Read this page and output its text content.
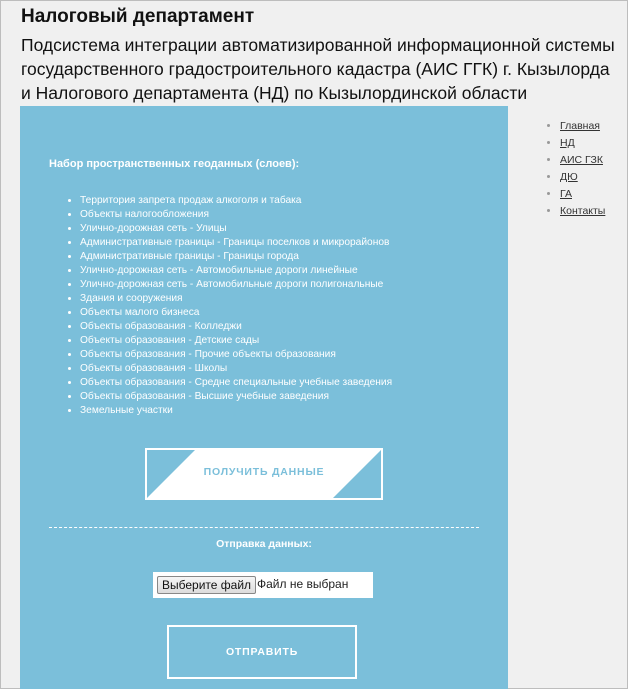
Налоговый департамент

Подсистема интеграции автоматизированной информационной системы государственного градостроительного кадастра (АИС ГГК) г. Кызылорда и Налогового департамента (НД) по Кызылординской области

Набор пространственных геоданных (слоев):
• Территория запрета продаж алкоголя и табака
• Объекты налогообложения
• Улично-дорожная сеть - Улицы
• Административные границы - Границы поселков и микрорайонов
• Административные границы - Границы города
• Улично-дорожная сеть - Автомобильные дороги линейные
• Улично-дорожная сеть - Автомобильные дороги полигональные
• Здания и сооружения
• Объекты малого бизнеса
• Объекты образования - Колледжи
• Объекты образования - Детские сады
• Объекты образования - Прочие объекты образования
• Объекты образования - Школы
• Объекты образования - Средне специальные учебные заведения
• Объекты образования - Высшие учебные заведения
• Земельные участки
ПОЛУЧИТЬ ДАННЫЕ
Отправка данных:
Выберите файл Файл не выбран
ОТПРАВИТЬ
• Главная
• НД
• АИС ГЗК
• ДЮ
• ГА
• Контакты
